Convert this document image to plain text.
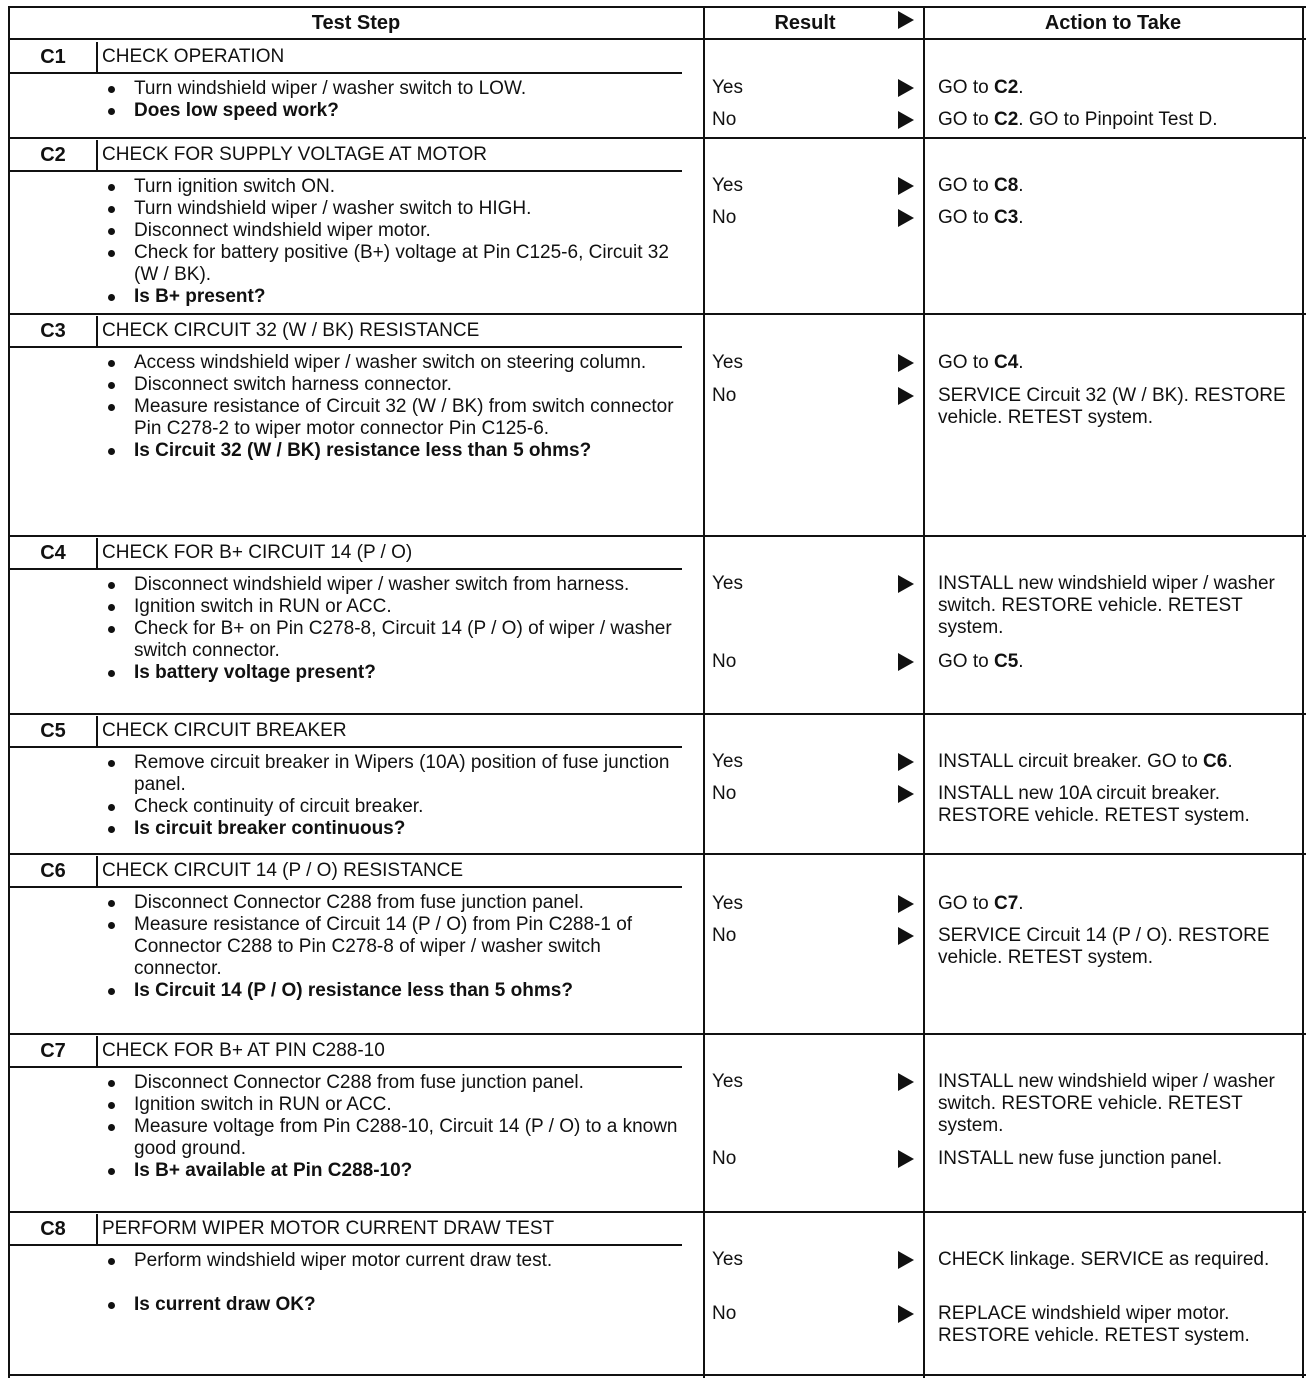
Test Step	Result	Action to Take
C1	CHECK OPERATION
Turn windshield wiper / washer switch to LOW.
Does low speed work?
Yes	GO to C2.
No	GO to C2. GO to Pinpoint Test D.
C2	CHECK FOR SUPPLY VOLTAGE AT MOTOR
Turn ignition switch ON.
Turn windshield wiper / washer switch to HIGH.
Disconnect windshield wiper motor.
Check for battery positive (B+) voltage at Pin C125-6, Circuit 32 (W / BK).
Is B+ present?
Yes	GO to C8.
No	GO to C3.
C3	CHECK CIRCUIT 32 (W / BK) RESISTANCE
Access windshield wiper / washer switch on steering column.
Disconnect switch harness connector.
Measure resistance of Circuit 32 (W / BK) from switch connector Pin C278-2 to wiper motor connector Pin C125-6.
Is Circuit 32 (W / BK) resistance less than 5 ohms?
Yes	GO to C4.
No	SERVICE Circuit 32 (W / BK). RESTORE vehicle. RETEST system.
C4	CHECK FOR B+ CIRCUIT 14 (P / O)
Disconnect windshield wiper / washer switch from harness.
Ignition switch in RUN or ACC.
Check for B+ on Pin C278-8, Circuit 14 (P / O) of wiper / washer switch connector.
Is battery voltage present?
Yes	INSTALL new windshield wiper / washer switch. RESTORE vehicle. RETEST system.
No	GO to C5.
C5	CHECK CIRCUIT BREAKER
Remove circuit breaker in Wipers (10A) position of fuse junction panel.
Check continuity of circuit breaker.
Is circuit breaker continuous?
Yes	INSTALL circuit breaker. GO to C6.
No	INSTALL new 10A circuit breaker. RESTORE vehicle. RETEST system.
C6	CHECK CIRCUIT 14 (P / O) RESISTANCE
Disconnect Connector C288 from fuse junction panel.
Measure resistance of Circuit 14 (P / O) from Pin C288-1 of Connector C288 to Pin C278-8 of wiper / washer switch connector.
Is Circuit 14 (P / O) resistance less than 5 ohms?
Yes	GO to C7.
No	SERVICE Circuit 14 (P / O). RESTORE vehicle. RETEST system.
C7	CHECK FOR B+ AT PIN C288-10
Disconnect Connector C288 from fuse junction panel.
Ignition switch in RUN or ACC.
Measure voltage from Pin C288-10, Circuit 14 (P / O) to a known good ground.
Is B+ available at Pin C288-10?
Yes	INSTALL new windshield wiper / washer switch. RESTORE vehicle. RETEST system.
No	INSTALL new fuse junction panel.
C8	PERFORM WIPER MOTOR CURRENT DRAW TEST
Perform windshield wiper motor current draw test.
Is current draw OK?
Yes	CHECK linkage. SERVICE as required.
No	REPLACE windshield wiper motor. RESTORE vehicle. RETEST system.
